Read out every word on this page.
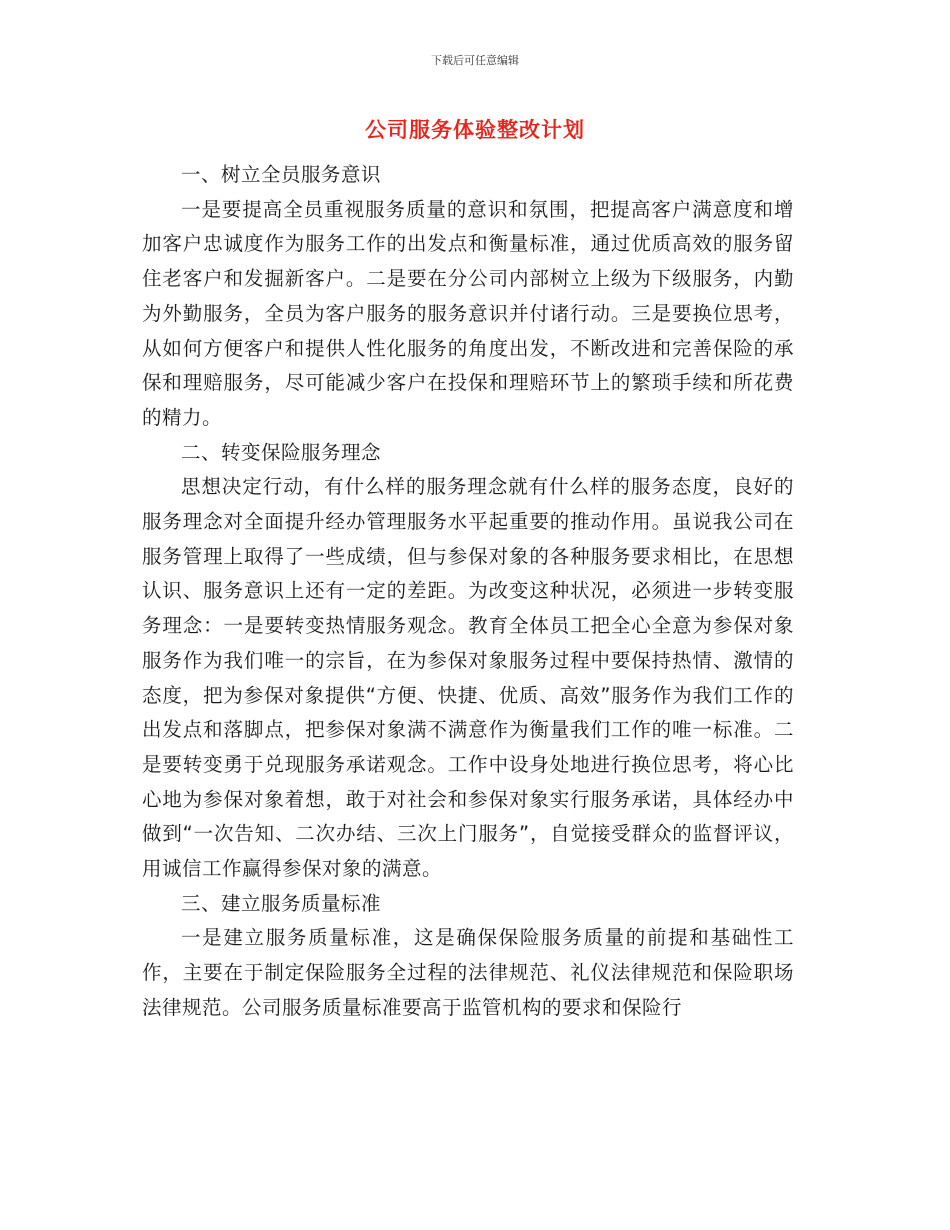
下载后可任意编辑
公司服务体验整改计划

一、树立全员服务意识

一是要提高全员重视服务质量的意识和氛围，把提高客户满意度和增加客户忠诚度作为服务工作的出发点和衡量标准，通过优质高效的服务留住老客户和发掘新客户。二是要在分公司内部树立上级为下级服务，内勤为外勤服务，全员为客户服务的服务意识并付诸行动。三是要换位思考，从如何方便客户和提供人性化服务的角度出发，不断改进和完善保险的承保和理赔服务，尽可能减少客户在投保和理赔环节上的繁琐手续和所花费的精力。

二、转变保险服务理念

思想决定行动，有什么样的服务理念就有什么样的服务态度，良好的服务理念对全面提升经办管理服务水平起重要的推动作用。虽说我公司在服务管理上取得了一些成绩，但与参保对象的各种服务要求相比，在思想认识、服务意识上还有一定的差距。为改变这种状况，必须进一步转变服务理念：一是要转变热情服务观念。教育全体员工把全心全意为参保对象服务作为我们唯一的宗旨，在为参保对象服务过程中要保持热情、激情的态度，把为参保对象提供“方便、快捷、优质、高效”服务作为我们工作的出发点和落脚点，把参保对象满不满意作为衡量我们工作的唯一标准。二是要转变勇于兑现服务承诺观念。工作中设身处地进行换位思考，将心比心地为参保对象着想，敢于对社会和参保对象实行服务承诺，具体经办中做到“一次告知、二次办结、三次上门服务”，自觉接受群众的监督评议，用诚信工作赢得参保对象的满意。

三、建立服务质量标准

一是建立服务质量标准，这是确保保险服务质量的前提和基础性工作，主要在于制定保险服务全过程的法律规范、礼仪法律规范和保险职场法律规范。公司服务质量标准要高于监管机构的要求和保险行
